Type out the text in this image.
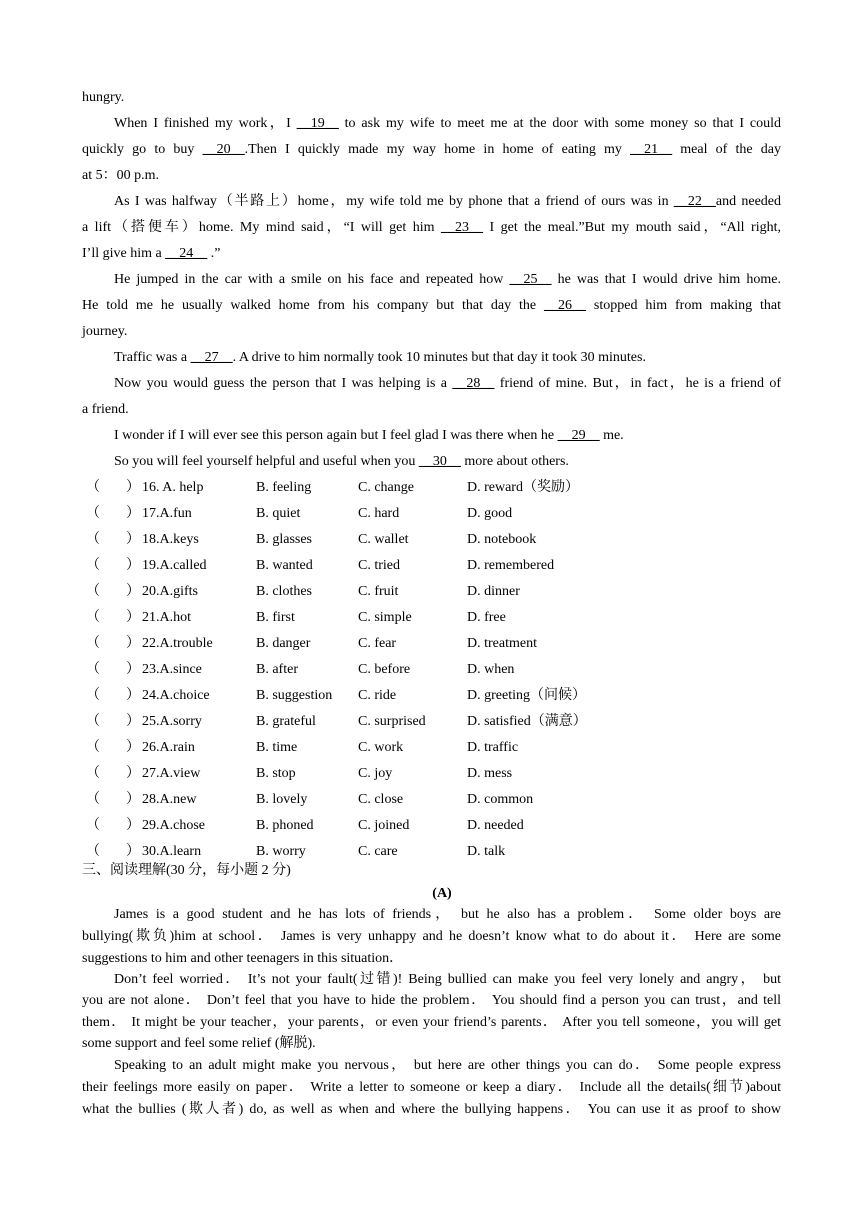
hungry.
When I finished my work，I __19__ to ask my wife to meet me at the door with some money so that I could
quickly go to buy __20__.Then I quickly made my way home in home of eating my __21__ meal of the day
at 5：00 p.m.
As I was halfway（半路上）home，my wife told me by phone that a friend of ours was in __22__and needed
a lift（搭便车）home. My mind said，“I will get him __23__ I get the meal.”But my mouth said，“All right,
I’ll give him a __24__ .”
He jumped in the car with a smile on his face and repeated how __25__ he was that I would drive him home.
He told me he usually walked home from his company but that day the __26__ stopped him from making that
journey.
Traffic was a __27__. A drive to him normally took 10 minutes but that day it took 30 minutes.
Now you would guess the person that I was helping is a __28__ friend of mine. But，in fact，he is a friend of
a friend.
I wonder if I will ever see this person again but I feel glad I was there when he __29__ me.
So you will feel yourself helpful and useful when you __30__ more about others.
（ ） 16. A. help	B. feeling	C. change	D. reward（奖励）
（ ） 17.A.fun	B. quiet	C. hard	D. good
（ ） 18.A.keys	B. glasses	C. wallet	D. notebook
（ ） 19.A.called	B. wanted	C. tried	D. remembered
（ ） 20.A.gifts	B. clothes	C. fruit	D. dinner
（ ） 21.A.hot	B. first	C. simple	D. free
（ ） 22.A.trouble	B. danger	C. fear	D. treatment
（ ） 23.A.since	B. after	C. before	D. when
（ ） 24.A.choice	B. suggestion C. ride	D. greeting（问候）
（ ） 25.A.sorry	B. grateful	C. surprised	D. satisfied（满意）
（ ） 26.A.rain	B. time	C. work	D. traffic
（ ） 27.A.view	B. stop	C. joy	D. mess
（ ） 28.A.new	B. lovely	C. close	D. common
（ ） 29.A.chose	B. phoned	C. joined	D. needed
（ ） 30.A.learn	B. worry	C. care	D. talk
三、阅读理解(30 分，每小题 2 分)
(A)
James is a good student and he has lots of friends， but he also has a problem． Some older boys are
bullying(欺负)him at school． James is very unhappy and he doesn’t know what to do about it． Here are some
suggestions to him and other teenagers in this situation．
Don’t feel worried． It’s not your fault(过错)! Being bullied can make you feel very lonely and angry， but
you are not alone． Don’t feel that you have to hide the problem． You should find a person you can trust，and tell
them． It might be your teacher，your parents，or even your friend’s parents． After you tell someone，you will get
some support and feel some relief (解脱).
Speaking to an adult might make you nervous， but here are other things you can do． Some people express
their feelings more easily on paper． Write a letter to someone or keep a diary． Include all the details(细节)about
what the bullies (欺人者) do, as well as when and where the bullying happens． You can use it as proof to show
